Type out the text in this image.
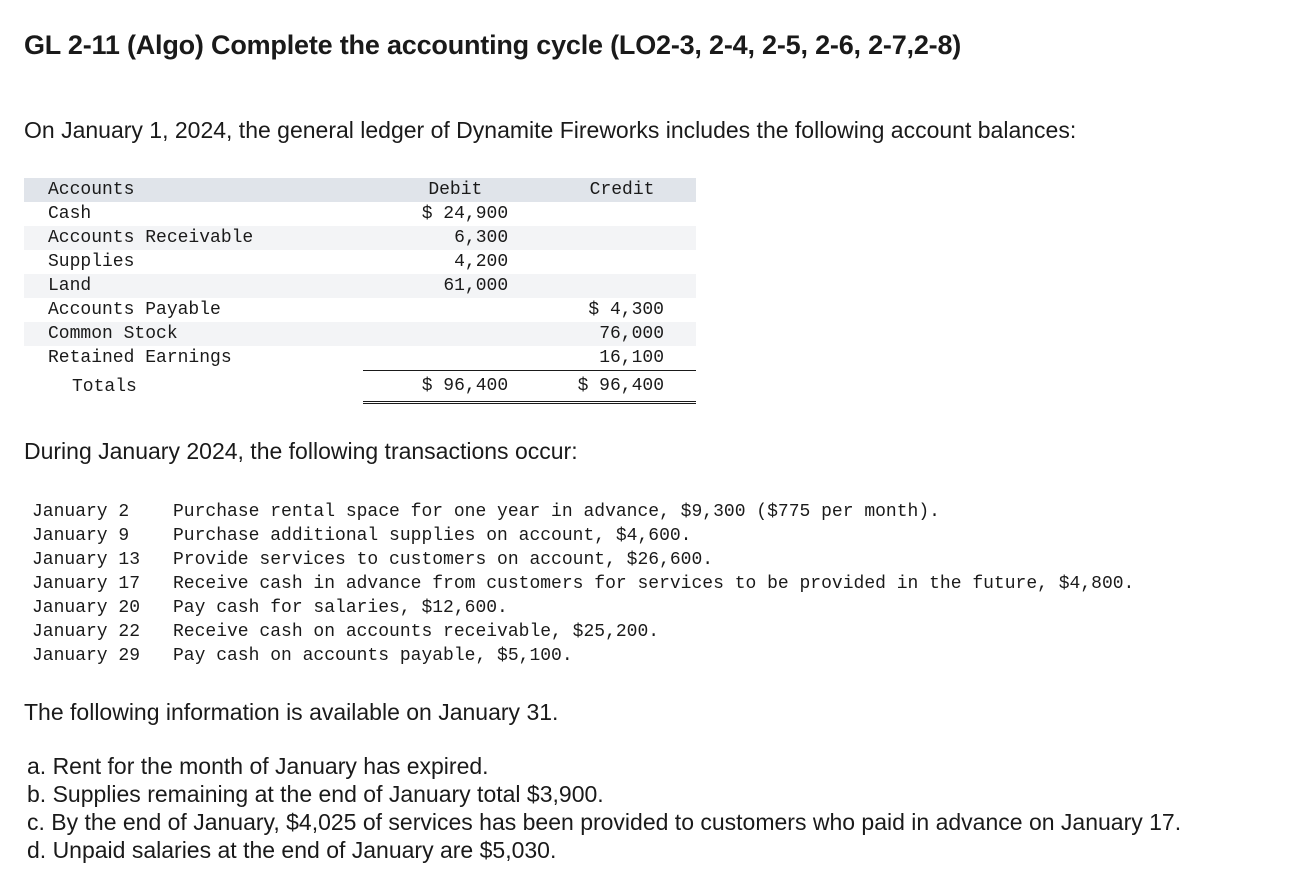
GL 2-11 (Algo) Complete the accounting cycle (LO2-3, 2-4, 2-5, 2-6, 2-7,2-8)

On January 1, 2024, the general ledger of Dynamite Fireworks includes the following account balances:

Accounts	Debit	Credit
Cash	$ 24,900	
Accounts Receivable	6,300	
Supplies	4,200	
Land	61,000	
Accounts Payable		$ 4,300
Common Stock		76,000
Retained Earnings		16,100
Totals	$ 96,400	$ 96,400

During January 2024, the following transactions occur:

January 2	Purchase rental space for one year in advance, $9,300 ($775 per month).
January 9	Purchase additional supplies on account, $4,600.
January 13	Provide services to customers on account, $26,600.
January 17	Receive cash in advance from customers for services to be provided in the future, $4,800.
January 20	Pay cash for salaries, $12,600.
January 22	Receive cash on accounts receivable, $25,200.
January 29	Pay cash on accounts payable, $5,100.

The following information is available on January 31.

a. Rent for the month of January has expired.
b. Supplies remaining at the end of January total $3,900.
c. By the end of January, $4,025 of services has been provided to customers who paid in advance on January 17.
d. Unpaid salaries at the end of January are $5,030.
